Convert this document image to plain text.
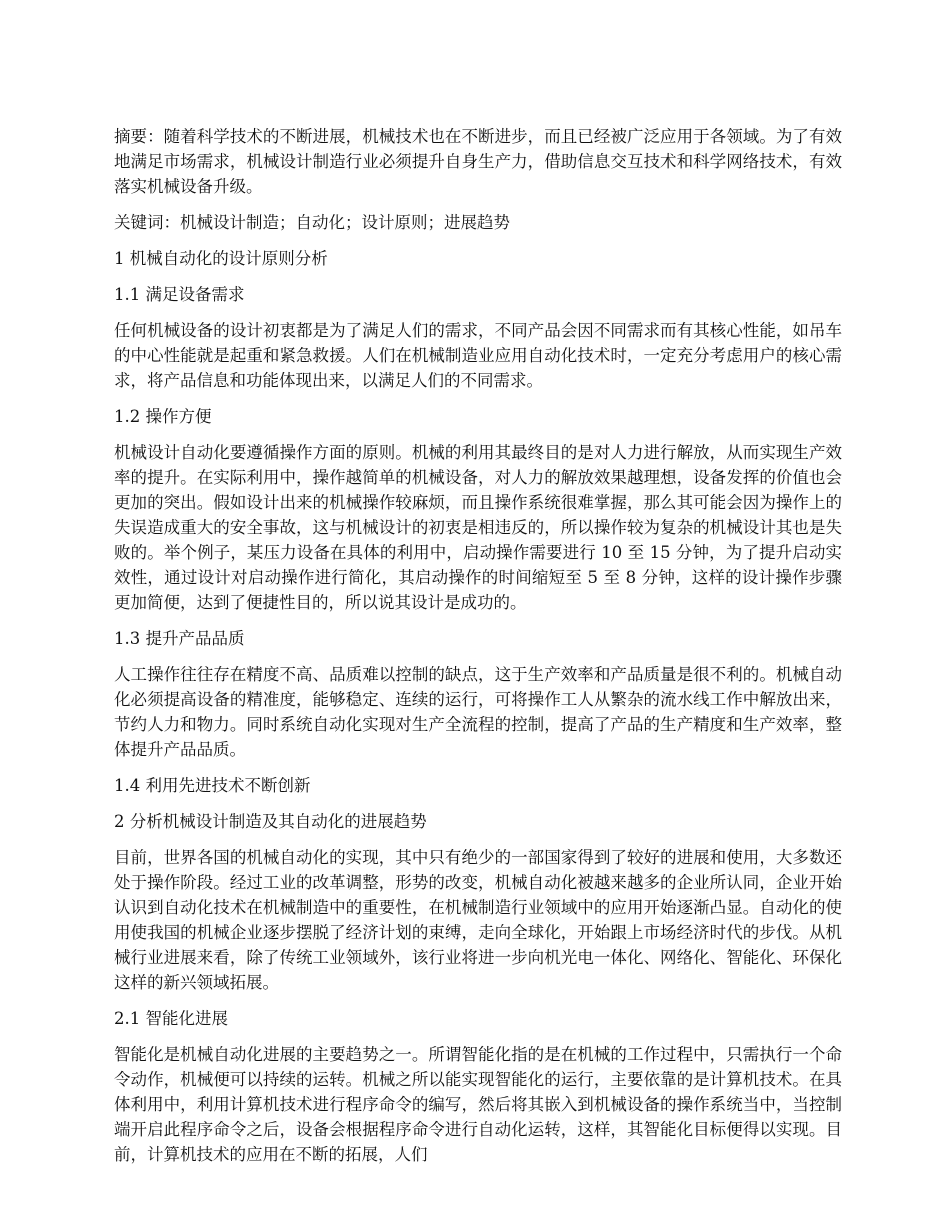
摘要：随着科学技术的不断进展，机械技术也在不断进步，而且已经被广泛应用于各领域。为了有效地满足市场需求，机械设计制造行业必须提升自身生产力，借助信息交互技术和科学网络技术，有效落实机械设备升级。

关键词：机械设计制造；自动化；设计原则；进展趋势

1 机械自动化的设计原则分析

1.1 满足设备需求

任何机械设备的设计初衷都是为了满足人们的需求，不同产品会因不同需求而有其核心性能，如吊车的中心性能就是起重和紧急救援。人们在机械制造业应用自动化技术时，一定充分考虑用户的核心需求，将产品信息和功能体现出来，以满足人们的不同需求。

1.2 操作方便

机械设计自动化要遵循操作方面的原则。机械的利用其最终目的是对人力进行解放，从而实现生产效率的提升。在实际利用中，操作越简单的机械设备，对人力的解放效果越理想，设备发挥的价值也会更加的突出。假如设计出来的机械操作较麻烦，而且操作系统很难掌握，那么其可能会因为操作上的失误造成重大的安全事故，这与机械设计的初衷是相违反的，所以操作较为复杂的机械设计其也是失败的。举个例子，某压力设备在具体的利用中，启动操作需要进行 10 至 15 分钟，为了提升启动实效性，通过设计对启动操作进行简化，其启动操作的时间缩短至 5 至 8 分钟，这样的设计操作步骤更加简便，达到了便捷性目的，所以说其设计是成功的。

1.3 提升产品品质

人工操作往往存在精度不高、品质难以控制的缺点，这于生产效率和产品质量是很不利的。机械自动化必须提高设备的精准度，能够稳定、连续的运行，可将操作工人从繁杂的流水线工作中解放出来，节约人力和物力。同时系统自动化实现对生产全流程的控制，提高了产品的生产精度和生产效率，整体提升产品品质。

1.4 利用先进技术不断创新

2 分析机械设计制造及其自动化的进展趋势

目前，世界各国的机械自动化的实现，其中只有绝少的一部国家得到了较好的进展和使用，大多数还处于操作阶段。经过工业的改革调整，形势的改变，机械自动化被越来越多的企业所认同，企业开始认识到自动化技术在机械制造中的重要性，在机械制造行业领域中的应用开始逐渐凸显。自动化的使用使我国的机械企业逐步摆脱了经济计划的束缚，走向全球化，开始跟上市场经济时代的步伐。从机械行业进展来看，除了传统工业领域外，该行业将进一步向机光电一体化、网络化、智能化、环保化这样的新兴领域拓展。

2.1 智能化进展

智能化是机械自动化进展的主要趋势之一。所谓智能化指的是在机械的工作过程中，只需执行一个命令动作，机械便可以持续的运转。机械之所以能实现智能化的运行，主要依靠的是计算机技术。在具体利用中，利用计算机技术进行程序命令的编写，然后将其嵌入到机械设备的操作系统当中，当控制端开启此程序命令之后，设备会根据程序命令进行自动化运转，这样，其智能化目标便得以实现。目前，计算机技术的应用在不断的拓展，人们
